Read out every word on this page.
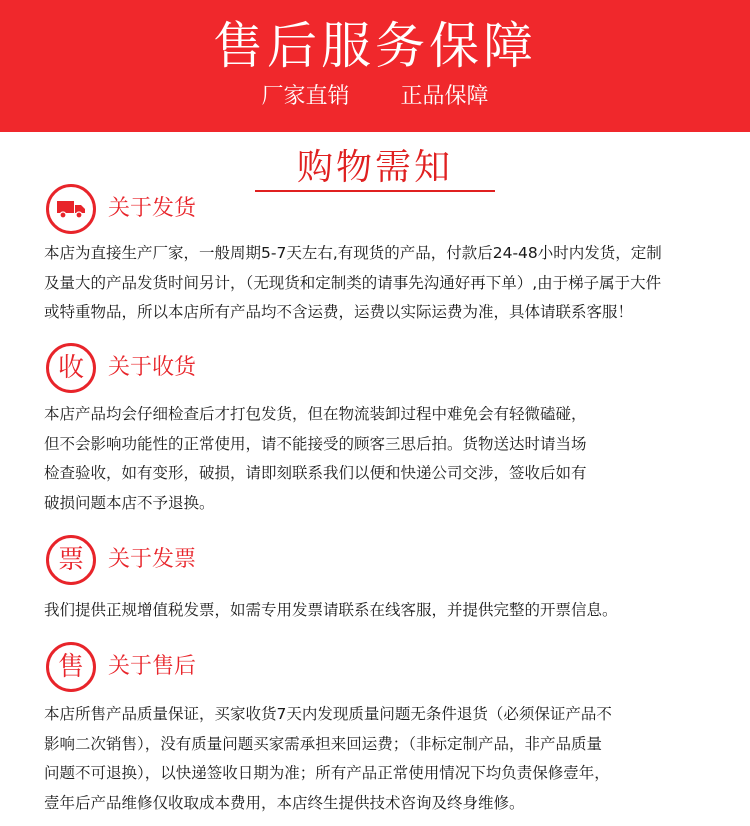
售后服务保障
厂家直销 正品保障
购物需知
关于发货
本店为直接生产厂家，一般周期5-7天左右,有现货的产品，付款后24-48小时内发货，定制
及量大的产品发货时间另计，（无现货和定制类的请事先沟通好再下单）,由于梯子属于大件
或特重物品，所以本店所有产品均不含运费，运费以实际运费为准，具体请联系客服！
收 关于收货
本店产品均会仔细检查后才打包发货，但在物流装卸过程中难免会有轻微磕碰，
但不会影响功能性的正常使用，请不能接受的顾客三思后拍。货物送达时请当场
检查验收，如有变形，破损，请即刻联系我们以便和快递公司交涉，签收后如有
破损问题本店不予退换。
票 关于发票
我们提供正规增值税发票，如需专用发票请联系在线客服，并提供完整的开票信息。
售 关于售后
本店所售产品质量保证，买家收货7天内发现质量问题无条件退货（必须保证产品不
影响二次销售），没有质量问题买家需承担来回运费；（非标定制产品，非产品质量
问题不可退换），以快递签收日期为准；所有产品正常使用情况下均负责保修壹年，
壹年后产品维修仅收取成本费用，本店终生提供技术咨询及终身维修。
